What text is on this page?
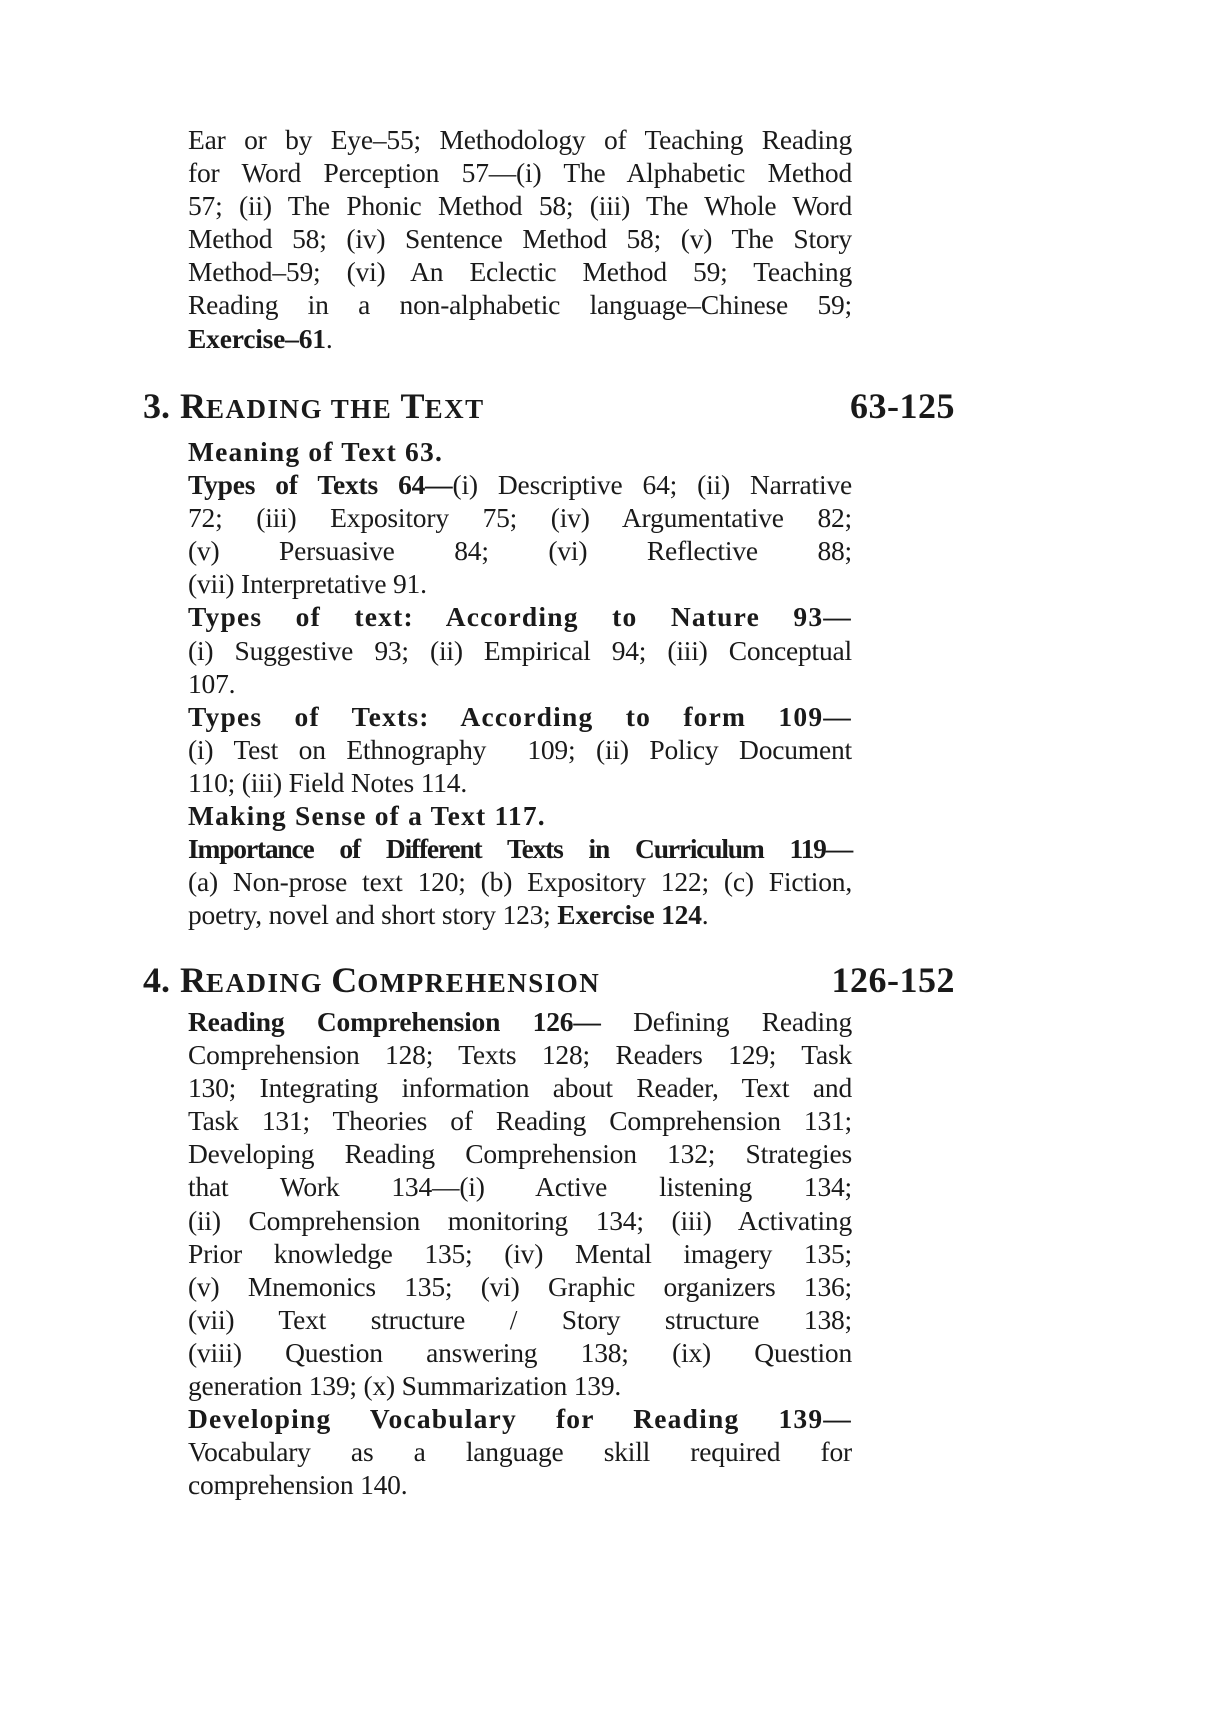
Ear or by Eye–55; Methodology of Teaching Reading
for Word Perception 57—(i) The Alphabetic Method
57; (ii) The Phonic Method 58; (iii) The Whole Word
Method 58; (iv) Sentence Method 58; (v) The Story
Method–59; (vi) An Eclectic Method 59; Teaching
Reading in a non-alphabetic language–Chinese 59;
Exercise–61.
3. READING THE TEXT	63-125
Meaning of Text 63.
Types of Texts 64—(i) Descriptive 64; (ii) Narrative
72; (iii) Expository 75; (iv) Argumentative 82;
(v) Persuasive 84; (vi) Reflective 88;
(vii) Interpretative 91.
Types of text: According to Nature 93—
(i) Suggestive 93; (ii) Empirical 94; (iii) Conceptual
107.
Types of Texts: According to form 109—
(i) Test on Ethnography  109; (ii) Policy Document
110; (iii) Field Notes 114.
Making Sense of a Text 117.
Importance of Different Texts in Curriculum 119—
(a) Non-prose text 120; (b) Expository 122; (c) Fiction,
poetry, novel and short story 123; Exercise 124.
4. READING COMPREHENSION	126-152
Reading Comprehension 126— Defining Reading
Comprehension 128; Texts 128; Readers 129; Task
130; Integrating information about Reader, Text and
Task 131; Theories of Reading Comprehension 131;
Developing Reading Comprehension 132; Strategies
that Work 134—(i) Active listening 134;
(ii) Comprehension monitoring 134; (iii) Activating
Prior knowledge 135; (iv) Mental imagery 135;
(v) Mnemonics 135; (vi) Graphic organizers 136;
(vii) Text structure / Story structure 138;
(viii) Question answering 138; (ix) Question
generation 139; (x) Summarization 139.
Developing Vocabulary for Reading 139—
Vocabulary as a language skill required for
comprehension 140.
